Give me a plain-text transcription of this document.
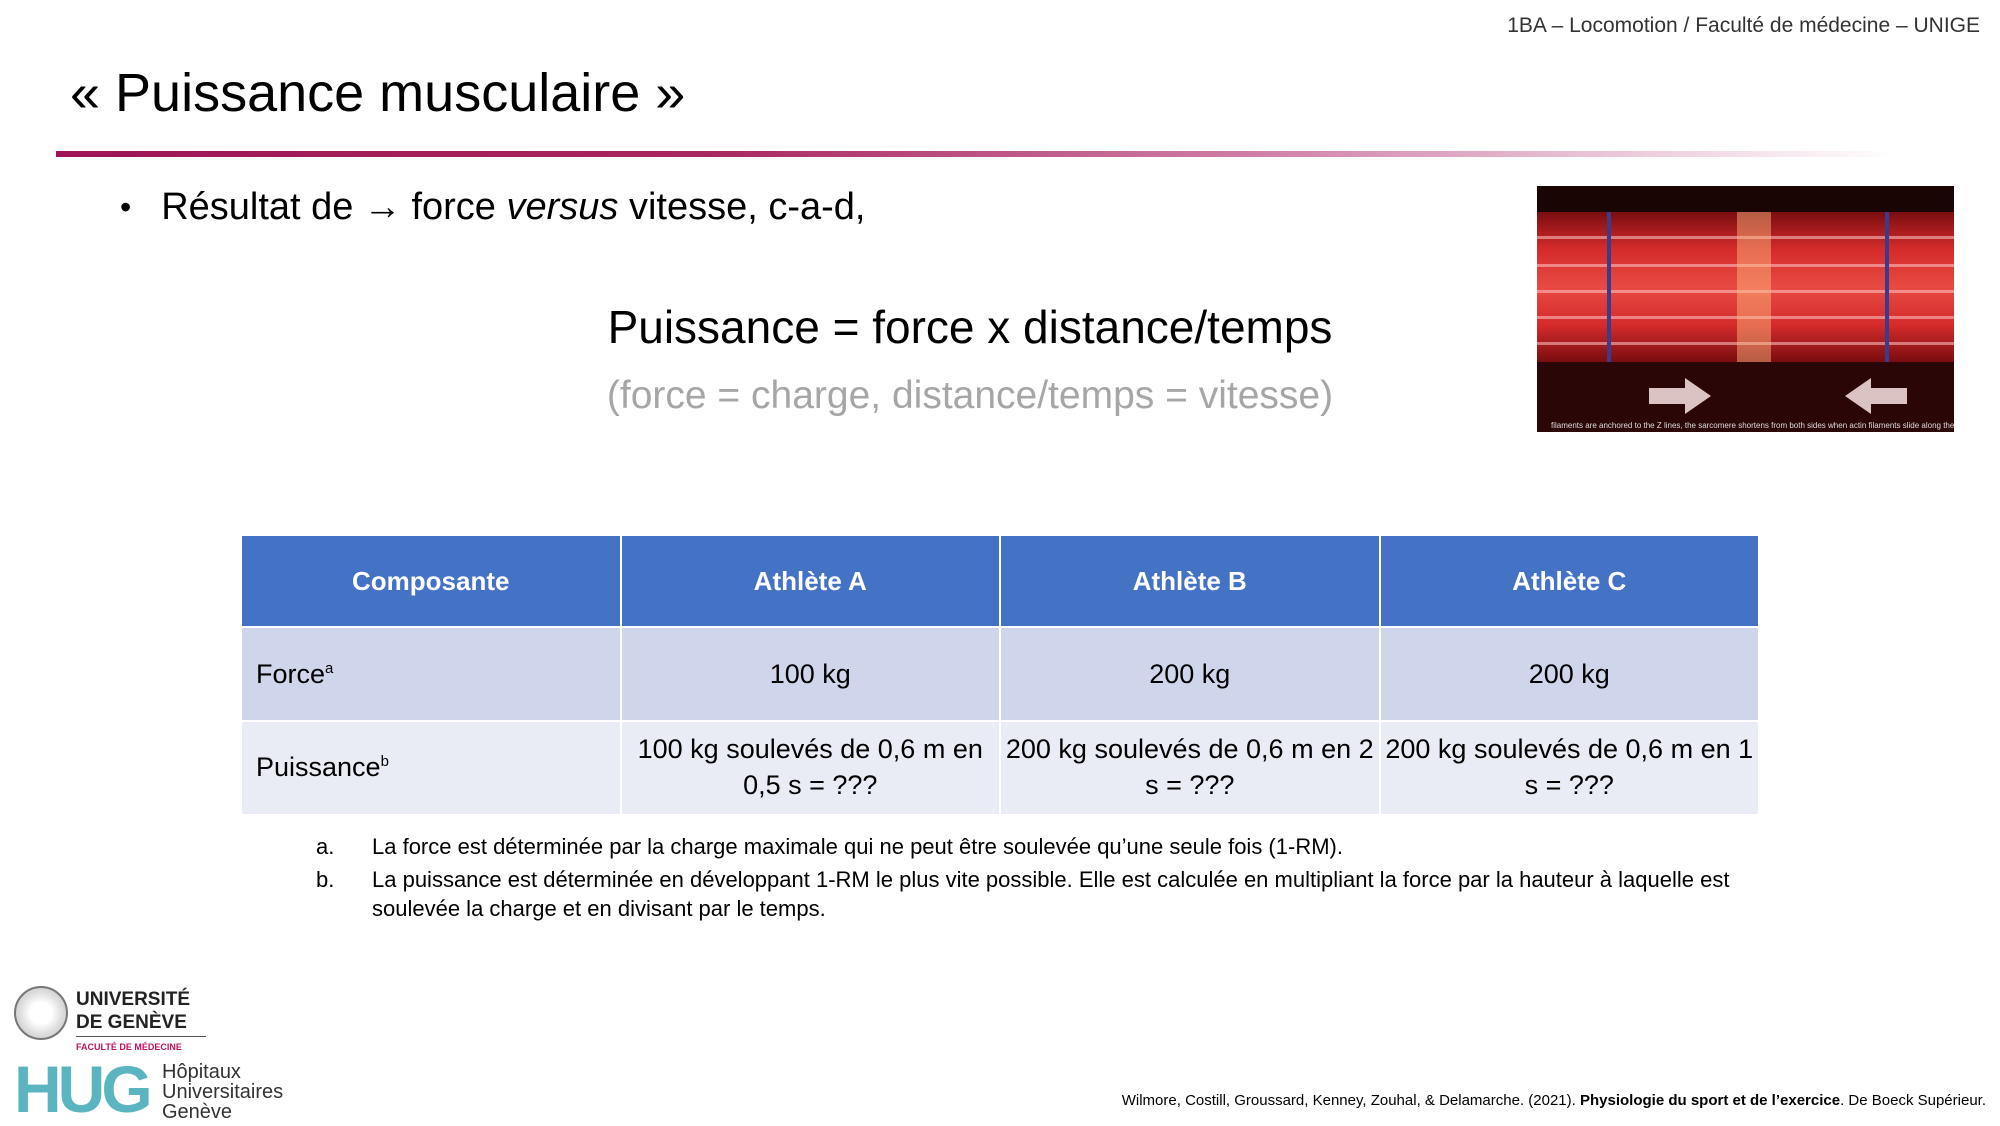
1BA – Locomotion / Faculté de médecine – UNIGE
« Puissance musculaire »
• Résultat de → force
versus
vitesse, c-a-d,
Puissance = force x distance/temps
(force = charge, distance/temps = vitesse)
filaments are anchored to the Z lines, the sarcomere shortens from both sides when actin filaments slide along the
Composante	Athlète A	Athlète B	Athlète C
Force$^a$	100 kg	200 kg	200 kg
Puissance$^b$	100 kg soulevés de 0,6 m en 0,5 s = ???	200 kg soulevés de 0,6 m en 2 s = ???	200 kg soulevés de 0,6 m en 1 s = ???
a.	La force est déterminée par la charge maximale qui ne peut être soulevée qu’une seule fois (1-RM).
b.	La puissance est déterminée en développant 1-RM le plus vite possible. Elle est calculée en multipliant la force par la hauteur à laquelle est soulevée la charge et en divisant par le temps.
UNIVERSITÉ
DE GENÈVE
FACULTÉ DE MÉDECINE
HUG Hôpitaux
Universitaires
Genève
Wilmore, Costill, Groussard, Kenney, Zouhal, & Delamarche. (2021). Physiologie du sport et de l’exercice. De Boeck Supérieur.
